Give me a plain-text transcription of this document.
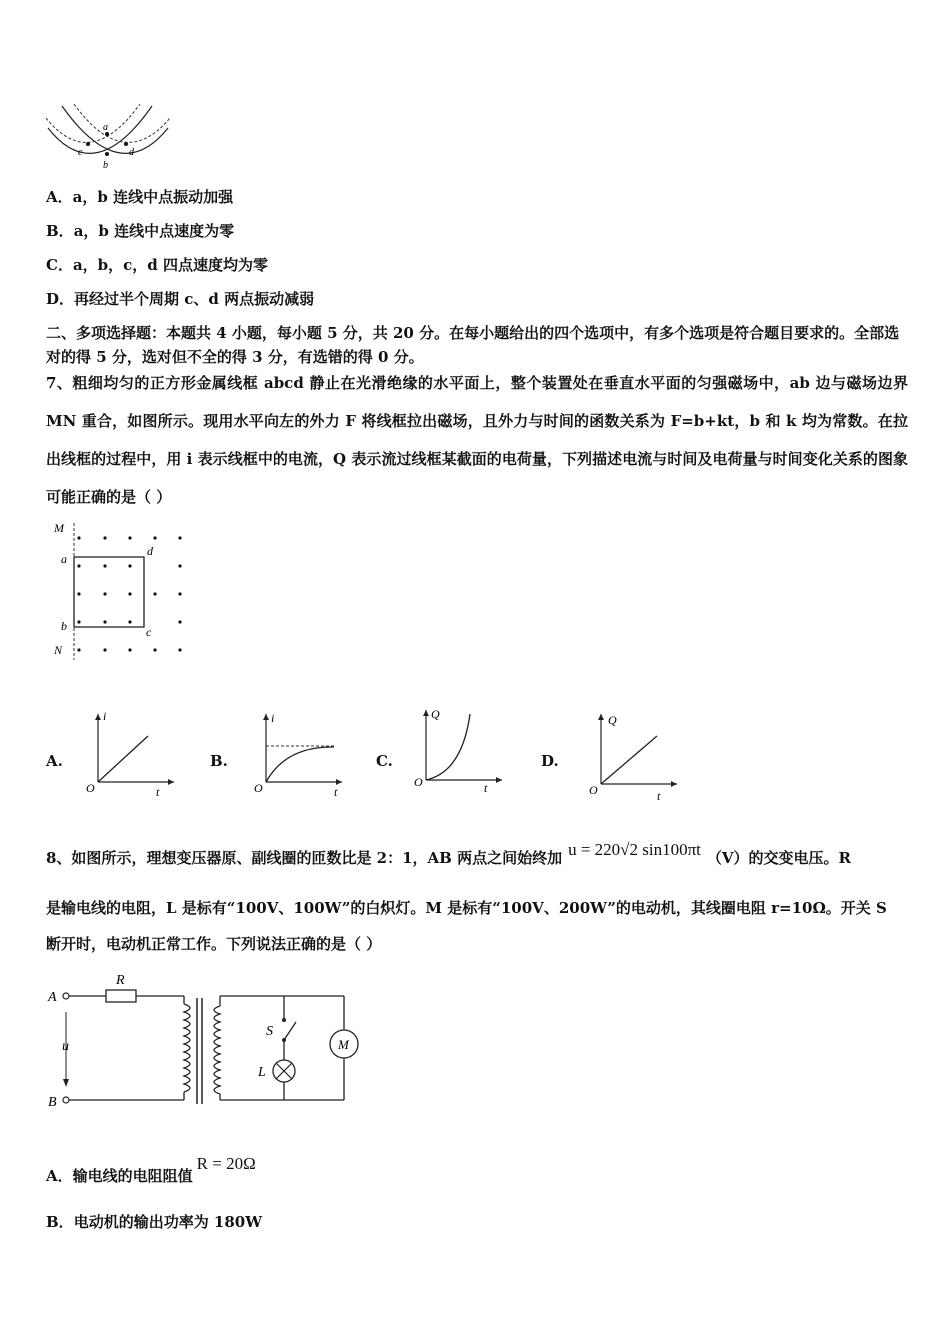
a
c	d
b
A．a，b 连线中点振动加强
B．a，b 连线中点速度为零
C．a，b，c，d 四点速度均为零
D．再经过半个周期 c、d 两点振动减弱
二、多项选择题：本题共 4 小题，每小题 5 分，共 20 分。在每小题给出的四个选项中，有多个选项是符合题目要求的。全部选对的得 5 分，选对但不全的得 3 分，有选错的得 0 分。
7、粗细均匀的正方形金属线框 abcd 静止在光滑绝缘的水平面上，整个装置处在垂直水平面的匀强磁场中，ab 边与磁场边界 MN 重合，如图所示。现用水平向左的外力 F 将线框拉出磁场，且外力与时间的函数关系为 F=b+kt，b 和 k 均为常数。在拉出线框的过程中，用 i 表示线框中的电流，Q 表示流过线框某截面的电荷量，下列描述电流与时间及电荷量与时间变化关系的图象可能正确的是（ ）
M
a
d
b	c
N
A.
i
O	t
B.
i
O	t
C.
Q
O	t
D.
Q
O	t
8、如图所示，理想变压器原、副线圈的匝数比是 2：1，AB 两点之间始终加 u = 220√2 sin100πt （V）的交变电压。R
是输电线的电阻，L 是标有“100V、100W”的白炽灯。M 是标有“100V、200W”的电动机，其线圈电阻 r=10Ω。开关 S
断开时，电动机正常工作。下列说法正确的是（ ）
A
B
R
u
S
L
M
A．输电线的电阻阻值R = 20Ω
B．电动机的输出功率为 180W
